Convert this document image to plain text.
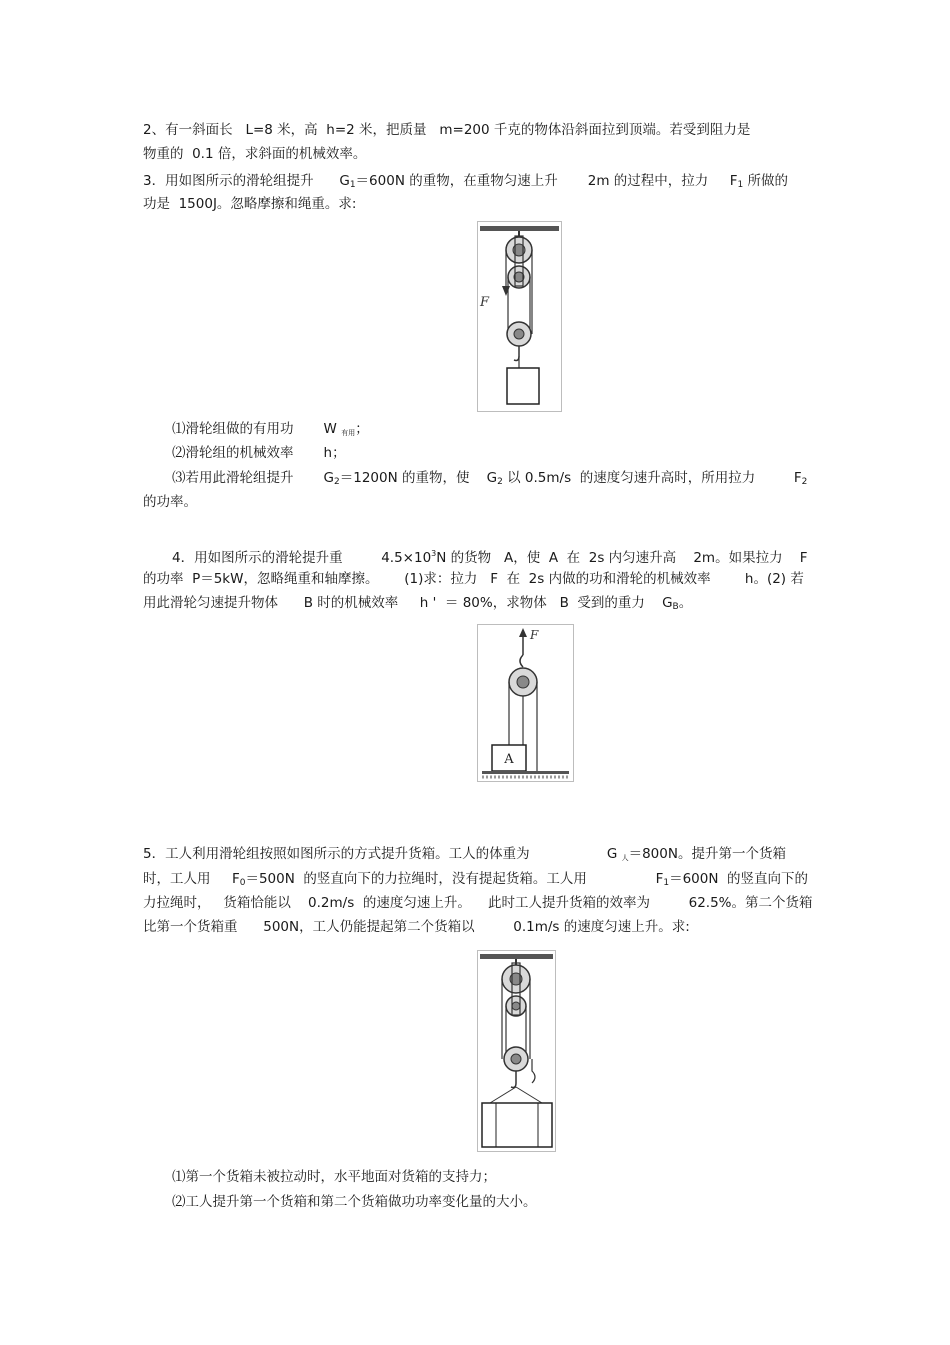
2、有一斜面长   L=8 米，高  h=2 米，把质量   m=200 千克的物体沿斜面拉到顶端。若受到阻力是
物重的  0.1 倍，求斜面的机械效率。
3．用如图所示的滑轮组提升      $G_1=600N$ 的重物，在重物匀速上升       2m 的过程中，拉力     $F_1$ 所做的
功是  1500J。忽略摩擦和绳重。求:
F
⑴滑轮组做的有用功       W 有用；
⑵滑轮组的机械效率       h；
⑶若用此滑轮组提升       $G_2=1200N$ 的重物，使    $G_2$ 以 0.5m/s  的速度匀速升高时，所用拉力         $F_2$
的功率。
4．用如图所示的滑轮提升重         $4.5\times 10^3N$ 的货物   A，使  A  在  2s 内匀速升高    2m。如果拉力    F
的功率  P＝5kW，忽略绳重和轴摩擦。      (1)求：拉力   F  在  2s 内做的功和滑轮的机械效率        h。(2) 若
用此滑轮匀速提升物体      B 时的机械效率     h '  ＝ 80%，求物体   B  受到的重力    $G_B$。
F
A
5．工人利用滑轮组按照如图所示的方式提升货箱。工人的体重为                  G 人＝800N。提升第一个货箱
时，工人用     $F_0=500N$  的竖直向下的力拉绳时，没有提起货箱。工人用                $F_1=600N$  的竖直向下的
力拉绳时，   货箱恰能以    0.2m/s  的速度匀速上升。    此时工人提升货箱的效率为         62.5%。第二个货箱
比第一个货箱重      500N，工人仍能提起第二个货箱以         0.1m/s 的速度匀速上升。求:
⑴第一个货箱未被拉动时，水平地面对货箱的支持力；
⑵工人提升第一个货箱和第二个货箱做功功率变化量的大小。
